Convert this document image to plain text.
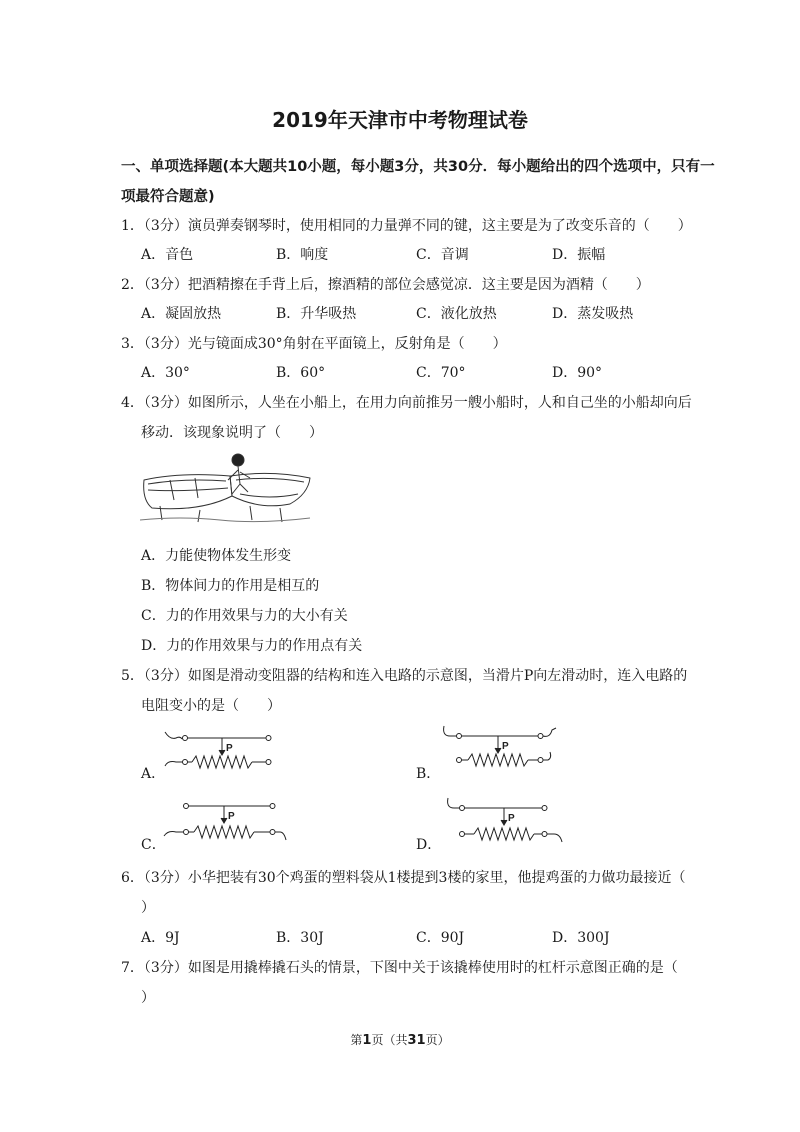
2019年天津市中考物理试卷
一、单项选择题(本大题共10小题，每小题3分，共30分．每小题给出的四个选项中，只有一
项最符合题意)
1．（3分）演员弹奏钢琴时，使用相同的力量弹不同的键，这主要是为了改变乐音的（　　）
A．音色	B．响度	C．音调	D．振幅
2．（3分）把酒精擦在手背上后，擦酒精的部位会感觉凉．这主要是因为酒精（　　）
A．凝固放热	B．升华吸热	C．液化放热	D．蒸发吸热
3．（3分）光与镜面成30°角射在平面镜上，反射角是（　　）
A．30°	B．60°	C．70°	D．90°
4．（3分）如图所示，人坐在小船上，在用力向前推另一艘小船时，人和自己坐的小船却向后
移动．该现象说明了（　　）
A．力能使物体发生形变
B．物体间力的作用是相互的
C．力的作用效果与力的大小有关
D．力的作用效果与力的作用点有关
5．（3分）如图是滑动变阻器的结构和连入电路的示意图，当滑片P向左滑动时，连入电路的
电阻变小的是（　　）
P
A．
P
B．
P
C．
P
D．
6．（3分）小华把装有30个鸡蛋的塑料袋从1楼提到3楼的家里，他提鸡蛋的力做功最接近（
）
A．9J	B．30J	C．90J	D．300J
7．（3分）如图是用撬棒撬石头的情景，下图中关于该撬棒使用时的杠杆示意图正确的是（
）
第1页（共31页）
